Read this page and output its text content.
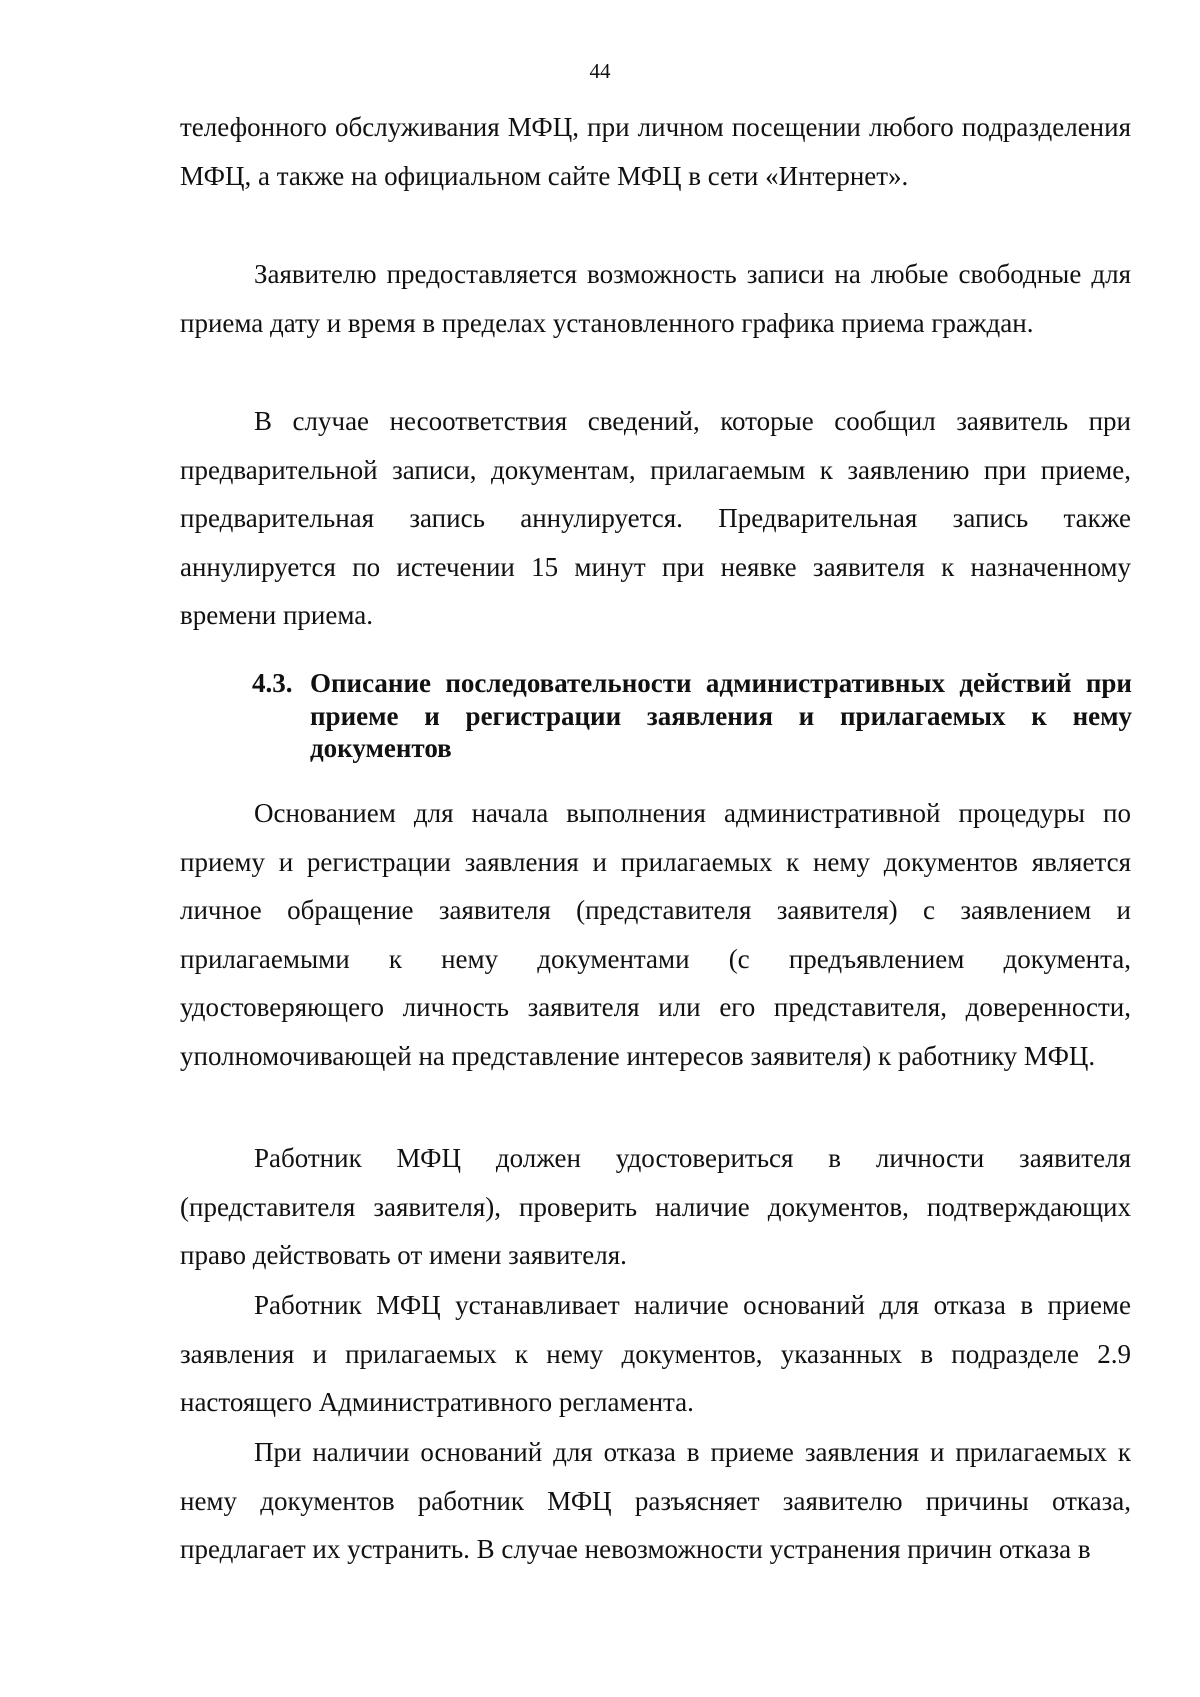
44

телефонного обслуживания МФЦ, при личном посещении любого подразделения МФЦ, а также на официальном сайте МФЦ в сети «Интернет».

Заявителю предоставляется возможность записи на любые свободные для приема дату и время в пределах установленного графика приема граждан.

В случае несоответствия сведений, которые сообщил заявитель при предварительной записи, документам, прилагаемым к заявлению при приеме, предварительная запись аннулируется. Предварительная запись также аннулируется по истечении 15 минут при неявке заявителя к назначенному времени приема.

4.3. Описание последовательности административных действий при приеме и регистрации заявления и прилагаемых к нему документов

Основанием для начала выполнения административной процедуры по приему и регистрации заявления и прилагаемых к нему документов является личное обращение заявителя (представителя заявителя) с заявлением и прилагаемыми к нему документами (с предъявлением документа, удостоверяющего личность заявителя или его представителя, доверенности, уполномочивающей на представление интересов заявителя) к работнику МФЦ.

Работник МФЦ должен удостовериться в личности заявителя (представителя заявителя), проверить наличие документов, подтверждающих право действовать от имени заявителя.

Работник МФЦ устанавливает наличие оснований для отказа в приеме заявления и прилагаемых к нему документов, указанных в подразделе 2.9 настоящего Административного регламента.

При наличии оснований для отказа в приеме заявления и прилагаемых к нему документов работник МФЦ разъясняет заявителю причины отказа, предлагает их устранить. В случае невозможности устранения причин отказа в
